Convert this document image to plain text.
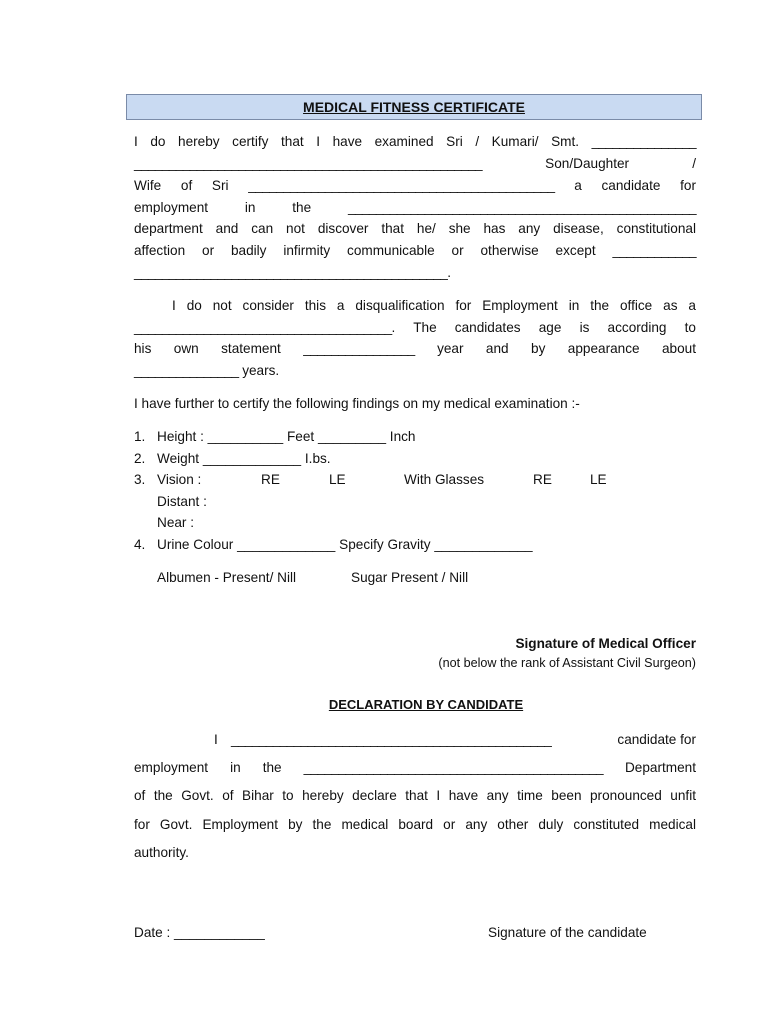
MEDICAL FITNESS CERTIFICATE
I do hereby certify that I have examined Sri / Kumari/ Smt. _______________
__________________________________________________	Son/Daughter /
Wife of Sri ____________________________________________ a candidate for
employment in the	__________________________________________________
department and can not discover that he/ she has any disease, constitutional
affection or badily infirmity communicable or otherwise except ____________
_____________________________________________.
I do not consider this a disqualification for Employment in the office as a
_____________________________________. The candidates age is according to
his own statement ________________ year and by appearance about
_______________ years.
I have further to certify the following findings on my medical examination :-
1. Height : __________ Feet _________ Inch
2. Weight _____________ I.bs.
3. Vision :	RE	LE	With Glasses	RE	LE
Distant :
Near :
4. Urine Colour _____________ Specify Gravity _____________
Albumen - Present/ Nill	Sugar Present / Nill
Signature of Medical Officer
(not below the rank of Assistant Civil Surgeon)
DECLARATION BY CANDIDATE
I ______________________________________________	candidate for
employment in the ___________________________________________ Department
of the Govt. of Bihar to hereby declare that I have any time been pronounced unfit
for Govt. Employment by the medical board or any other duly constituted medical
authority.
Date : ____________	Signature of the candidate
